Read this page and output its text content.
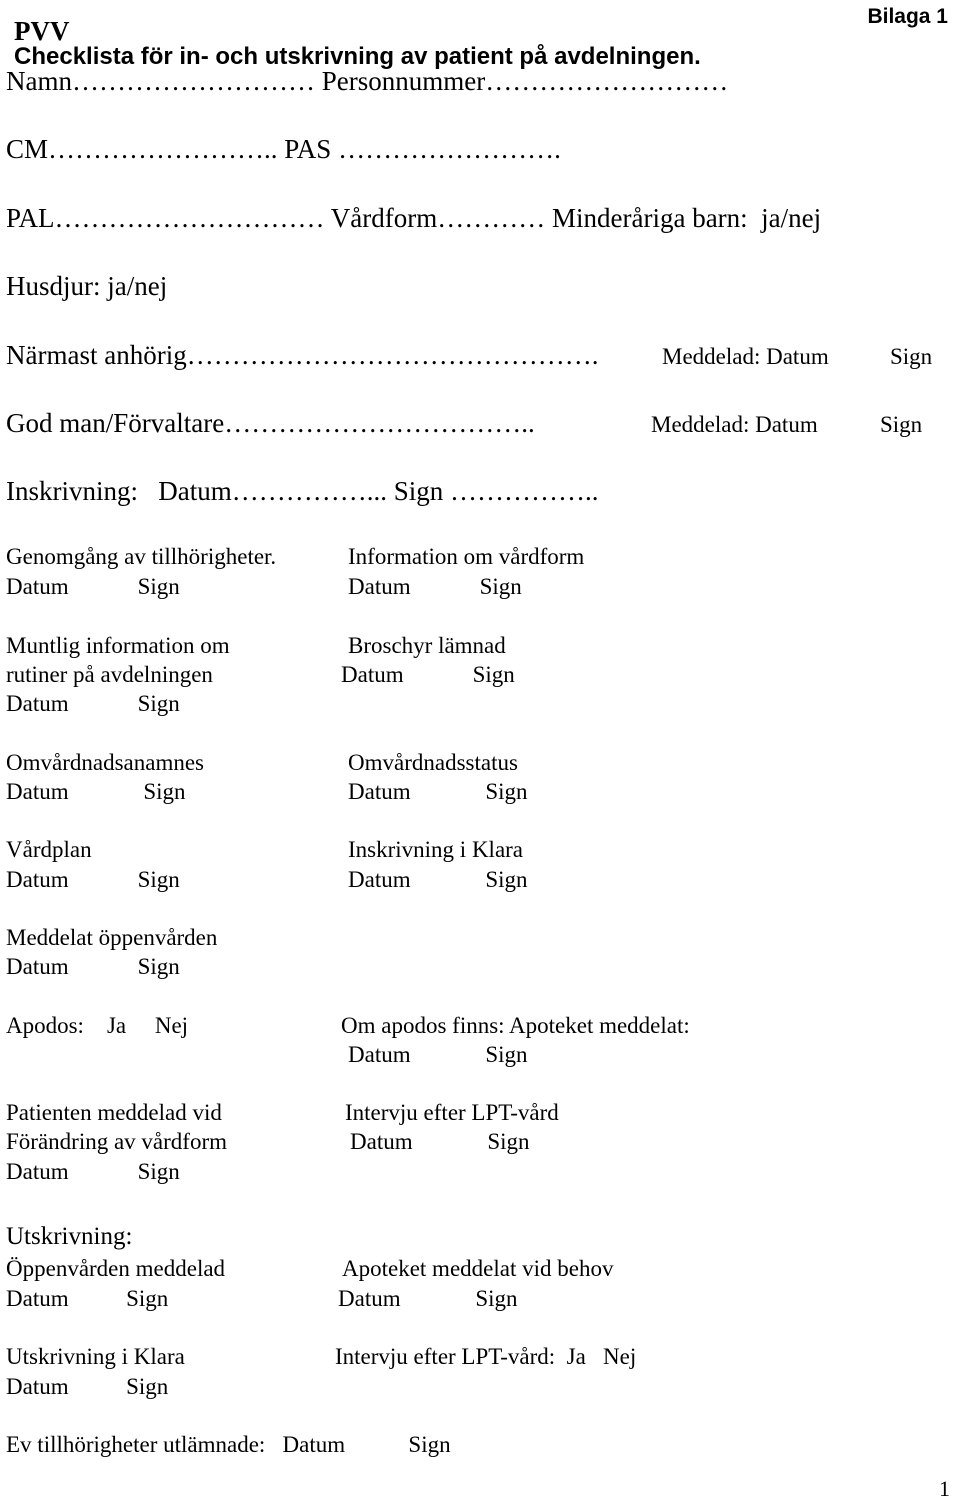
PVV
Checklista för in- och utskrivning av patient på avdelningen.

Bilaga 1
Namn……………………… Personnummer………………………
CM…………………….. PAS …………………….
PAL………………………… Vårdform………… Minderåriga barn:  ja/nej
Husdjur: ja/nej
Närmast anhörig……………………………………….	Meddelad: Datum	Sign
God man/Förvaltare……………………………..	Meddelad: Datum	Sign
Inskrivning:   Datum……………... Sign ……………..
Genomgång av tillhörigheter.
Datum            Sign
Information om vårdform
Datum            Sign
Muntlig information om
rutiner på avdelningen
Datum            Sign
Broschyr lämnad
Datum            Sign
Omvårdnadsanamnes
Datum             Sign
Omvårdnadsstatus
Datum             Sign
Vårdplan
Datum            Sign
Inskrivning i Klara
Datum             Sign
Meddelat öppenvården
Datum            Sign
Apodos:    Ja     Nej	Om apodos finns: Apoteket meddelat:
Datum             Sign
Patienten meddelad vid
Förändring av vårdform
Datum            Sign
Intervju efter LPT-vård
Datum             Sign
Utskrivning:
Öppenvården meddelad
Datum          Sign
Apoteket meddelat vid behov
Datum             Sign
Utskrivning i Klara
Datum          Sign
Intervju efter LPT-vård:  Ja   Nej
Ev tillhörigheter utlämnade:   Datum           Sign
1
